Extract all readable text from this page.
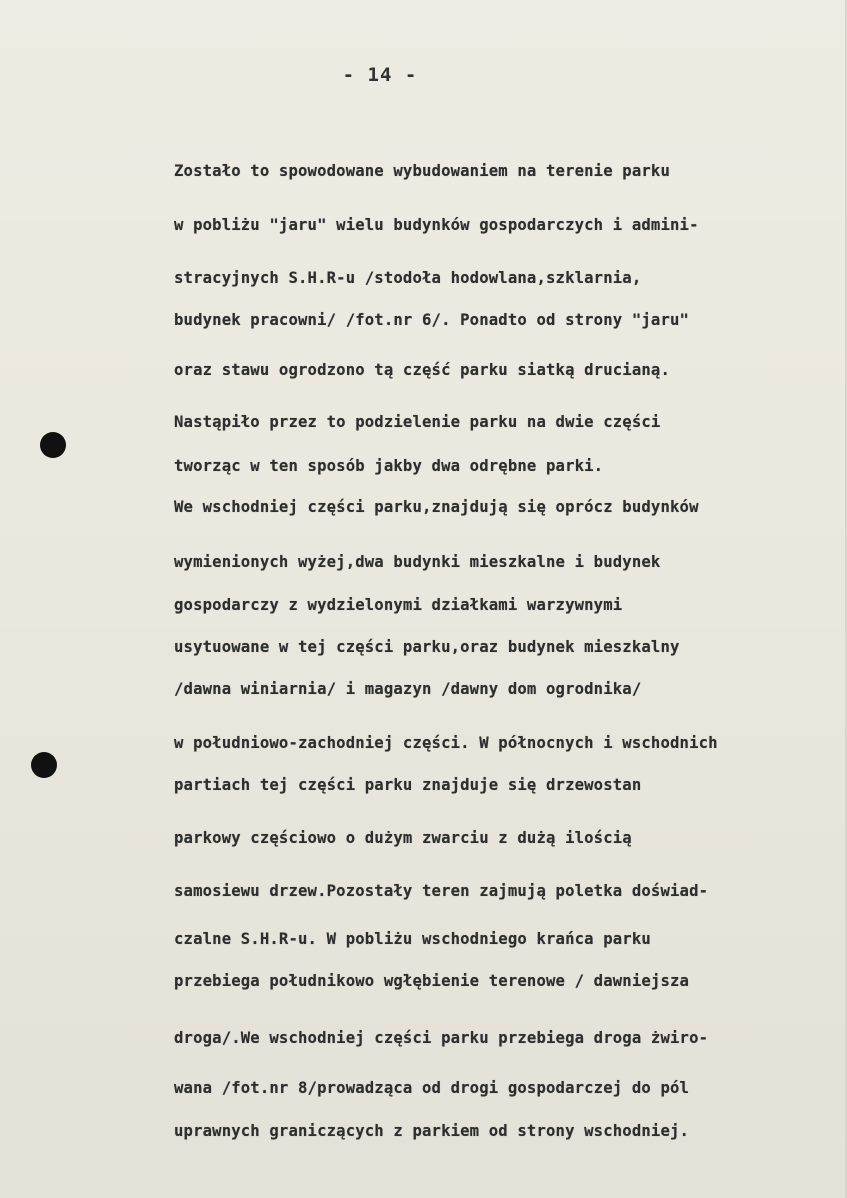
- 14 -
Zostało to spowodowane wybudowaniem na terenie parku
w pobliżu "jaru" wielu budynków gospodarczych i admini-
stracyjnych S.H.R-u /stodoła hodowlana,szklarnia,
budynek pracowni/ /fot.nr 6/. Ponadto od strony "jaru"
oraz stawu ogrodzono tą część parku siatką drucianą.
Nastąpiło przez to podzielenie parku na dwie części
tworząc w ten sposób jakby dwa odrębne parki.
We wschodniej części parku,znajdują się oprócz budynków
wymienionych wyżej,dwa budynki mieszkalne i budynek
gospodarczy z wydzielonymi działkami warzywnymi
usytuowane w tej części parku,oraz budynek mieszkalny
/dawna winiarnia/ i magazyn /dawny dom ogrodnika/
w południowo-zachodniej części. W północnych i wschodnich
partiach tej części parku znajduje się drzewostan
parkowy częściowo o dużym zwarciu z dużą ilością
samosiewu drzew.Pozostały teren zajmują poletka doświad-
czalne S.H.R-u. W pobliżu wschodniego krańca parku
przebiega południkowo wgłębienie terenowe / dawniejsza
droga/.We wschodniej części parku przebiega droga żwiro-
wana /fot.nr 8/prowadząca od drogi gospodarczej do pól
uprawnych graniczących z parkiem od strony wschodniej.
